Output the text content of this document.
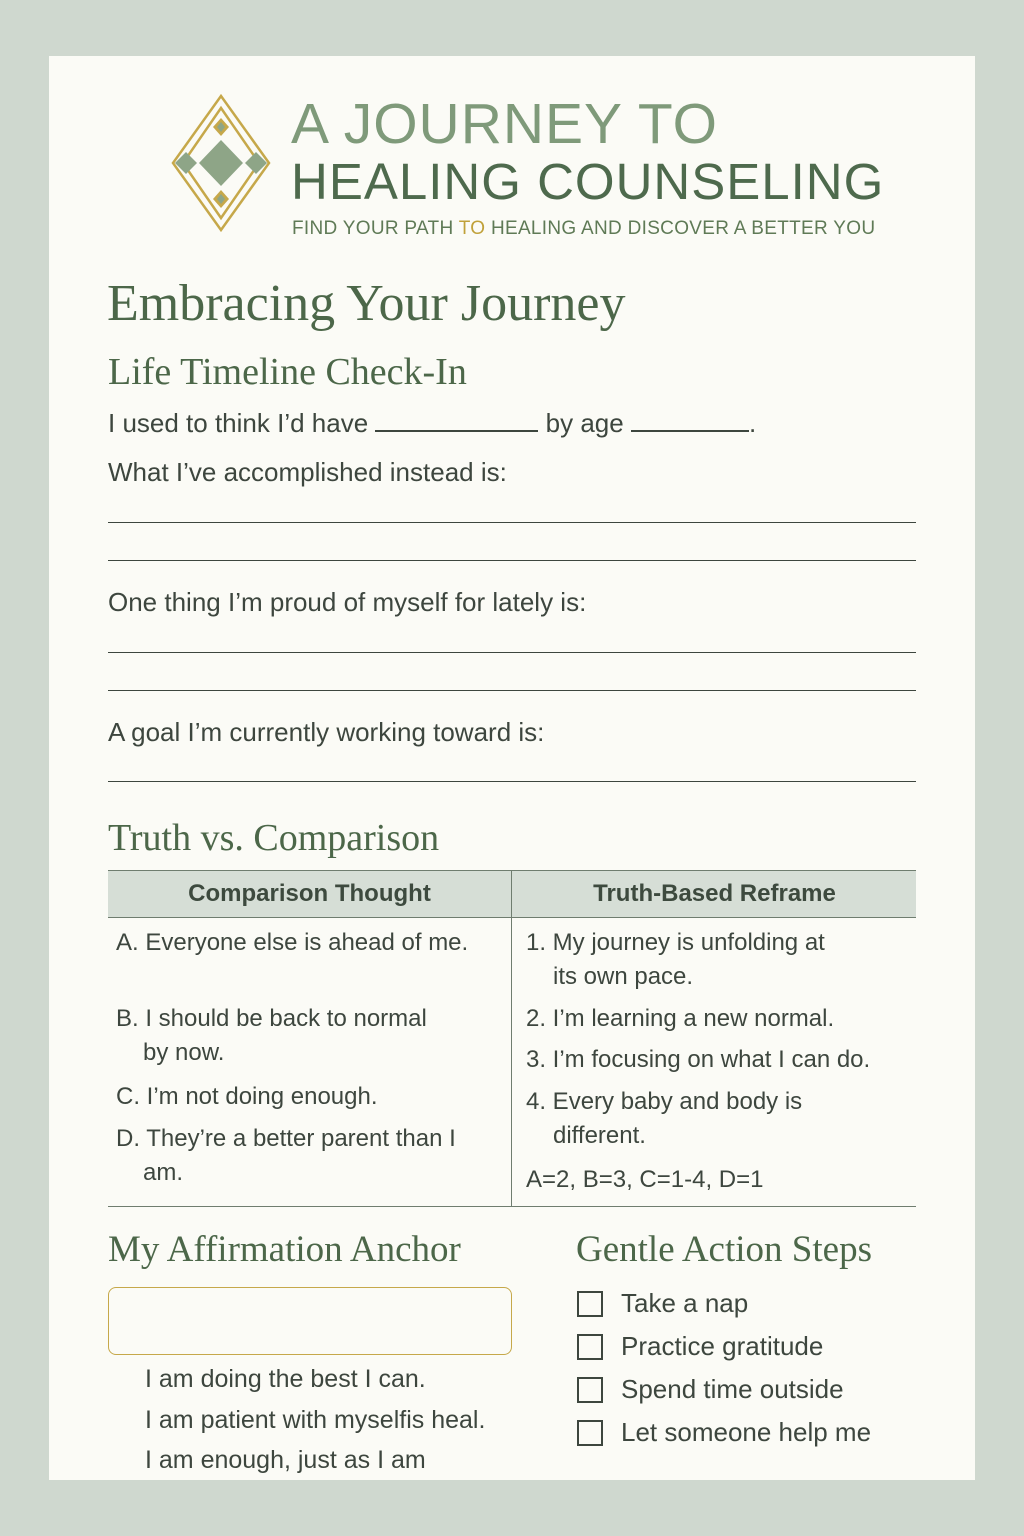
A JOURNEY TO
HEALING COUNSELING
FIND YOUR PATH TO HEALING AND DISCOVER A BETTER YOU
Embracing Your Journey
Life Timeline Check-In
I used to think I’d have	by age	.
What I’ve accomplished instead is:
One thing I’m proud of myself for lately is:
A goal I’m currently working toward is:
Truth vs. Comparison
Comparison Thought	Truth-Based Reframe
A. Everyone else is ahead of me.
B. I should be back to normal
by now.
C. I’m not doing enough.
D. They’re a better parent than I
am.
1. My journey is unfolding at
its own pace.
2. I’m learning a new normal.
3. I’m focusing on what I can do.
4. Every baby and body is
different.
A=2, B=3, C=1-4, D=1
My Affirmation Anchor
I am doing the best I can.
I am patient with myselfis heal.
I am enough, just as I am
Gentle Action Steps
Take a nap
Practice gratitude
Spend time outside
Let someone help me
